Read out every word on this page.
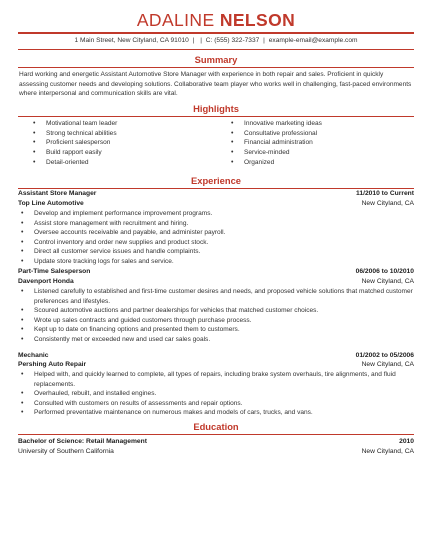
ADALINE NELSON
1 Main Street, New Cityland, CA 91010 | | C: (555) 322-7337 | example-email@example.com
Summary

Hard working and energetic Assistant Automotive Store Manager with experience in both repair and sales. Proficient in quickly assessing customer needs and developing solutions. Collaborative team player who works well in challenging, fast-paced environments where interpersonal and communication skills are vital.

Highlights
• Motivational team leader
• Strong technical abilities
• Proficient salesperson
• Build rapport easily
• Detail-oriented
• Innovative marketing ideas
• Consultative professional
• Financial administration
• Service-minded
• Organized
Experience
Assistant Store Manager	11/2010 to Current
Top Line Automotive	New Cityland, CA
• Develop and implement performance improvement programs.
• Assist store management with recruitment and hiring.
• Oversee accounts receivable and payable, and administer payroll.
• Control inventory and order new supplies and product stock.
• Direct all customer service issues and handle complaints.
• Update store tracking logs for sales and service.
Part-Time Salesperson	06/2006 to 10/2010
Davenport Honda	New Cityland, CA
• Listened carefully to established and first-time customer desires and needs, and proposed vehicle solutions that matched customer preferences and lifestyles.
• Scoured automotive auctions and partner dealerships for vehicles that matched customer choices.
• Wrote up sales contracts and guided customers through purchase process.
• Kept up to date on financing options and presented them to customers.
• Consistently met or exceeded new and used car sales goals.
Mechanic	01/2002 to 05/2006
Pershing Auto Repair	New Cityland, CA
• Helped with, and quickly learned to complete, all types of repairs, including brake system overhauls, tire alignments, and fluid replacements.
• Overhauled, rebuilt, and installed engines.
• Consulted with customers on results of assessments and repair options.
• Performed preventative maintenance on numerous makes and models of cars, trucks, and vans.
Education
Bachelor of Science: Retail Management	2010
University of Southern California	New Cityland, CA
